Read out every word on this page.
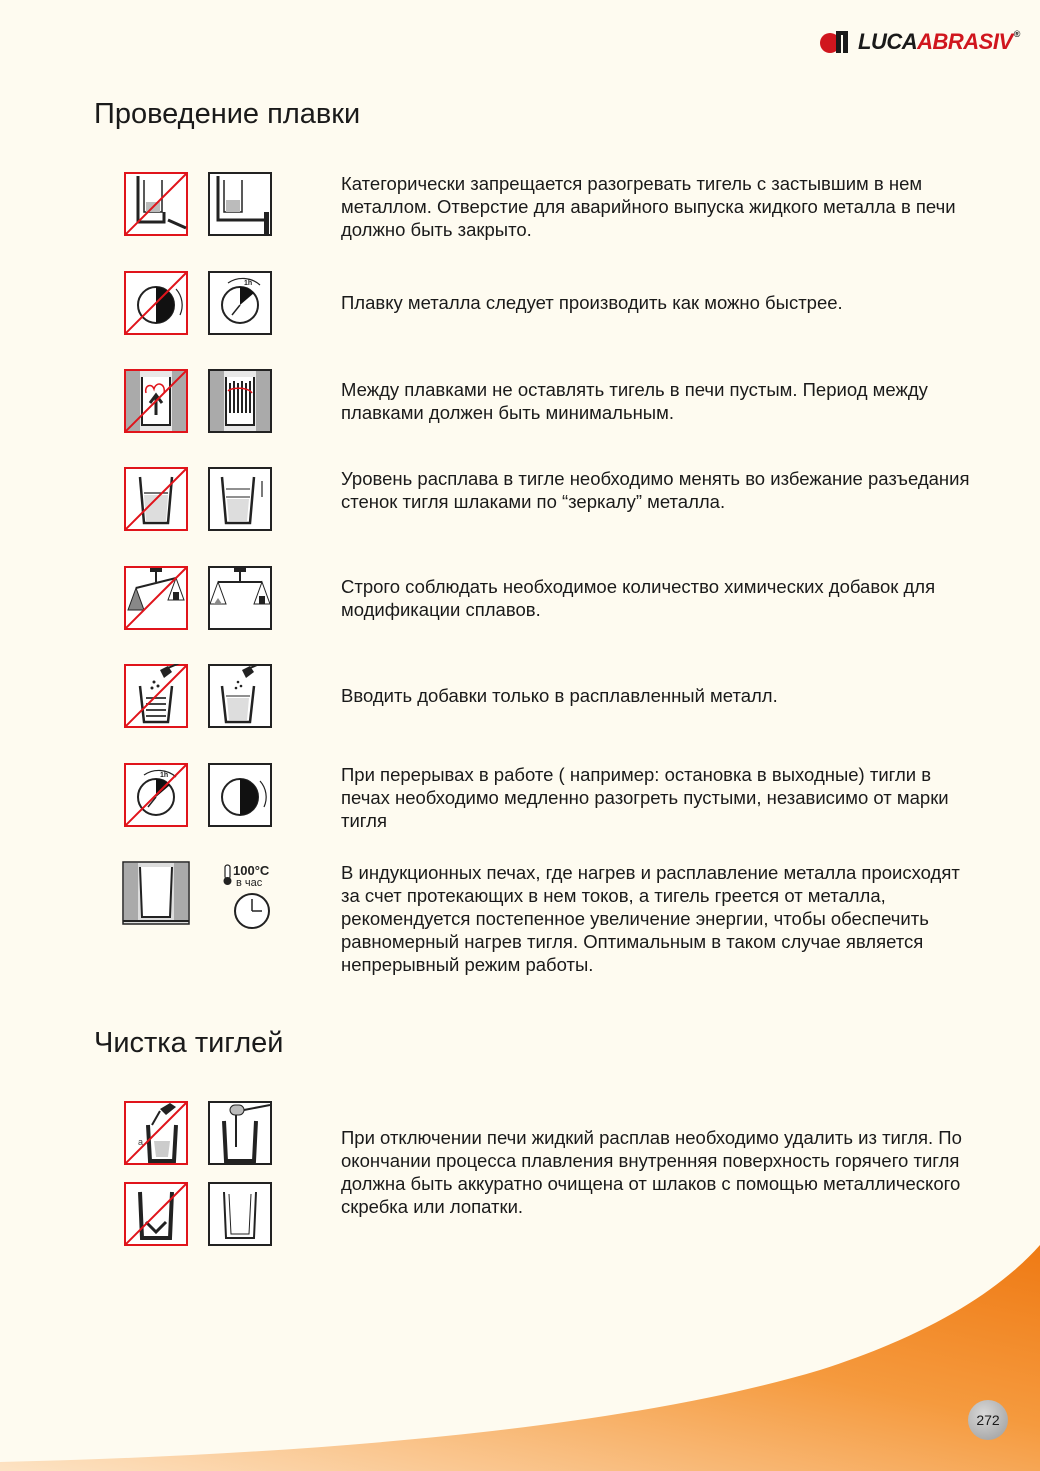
LUCAABRASIV®
Проведение плавки

Категорически запрещается разогревать тигель с застывшим в нем металлом. Отверстие для аварийного выпуска жидкого металла в печи должно быть закрыто.

1h

Плавку металла следует производить как можно быстрее.

Между плавками не оставлять тигель в печи пустым. Период между плавками должен быть минимальным.

Уровень расплава в тигле необходимо менять во избежание разъедания стенок тигля шлаками по “зеркалу” металла.

Строго соблюдать необходимое количество химических добавок для модификации сплавов.

Вводить добавки только в расплавленный металл.

1h	При перерывах в работе ( например: остановка в выходные) тигли в печах необходимо медленно разогреть пустыми, независимо от марки тигля

100°C
в час	В индукционных печах, где нагрев и расплавление металла происходят за счет протекающих в нем токов, а тигель греется от металла, рекомендуется постепенное увеличение энергии, чтобы обеспечить равномерный нагрев тигля. Оптимальным в таком случае является непрерывный режим работы.

Чистка тиглей
a	При отключении печи жидкий расплав необходимо удалить из тигля. По окончании процесса плавления внутренняя поверхность горячего тигля должна быть аккуратно очищена от шлаков с помощью металлического скребка или лопатки.

272
